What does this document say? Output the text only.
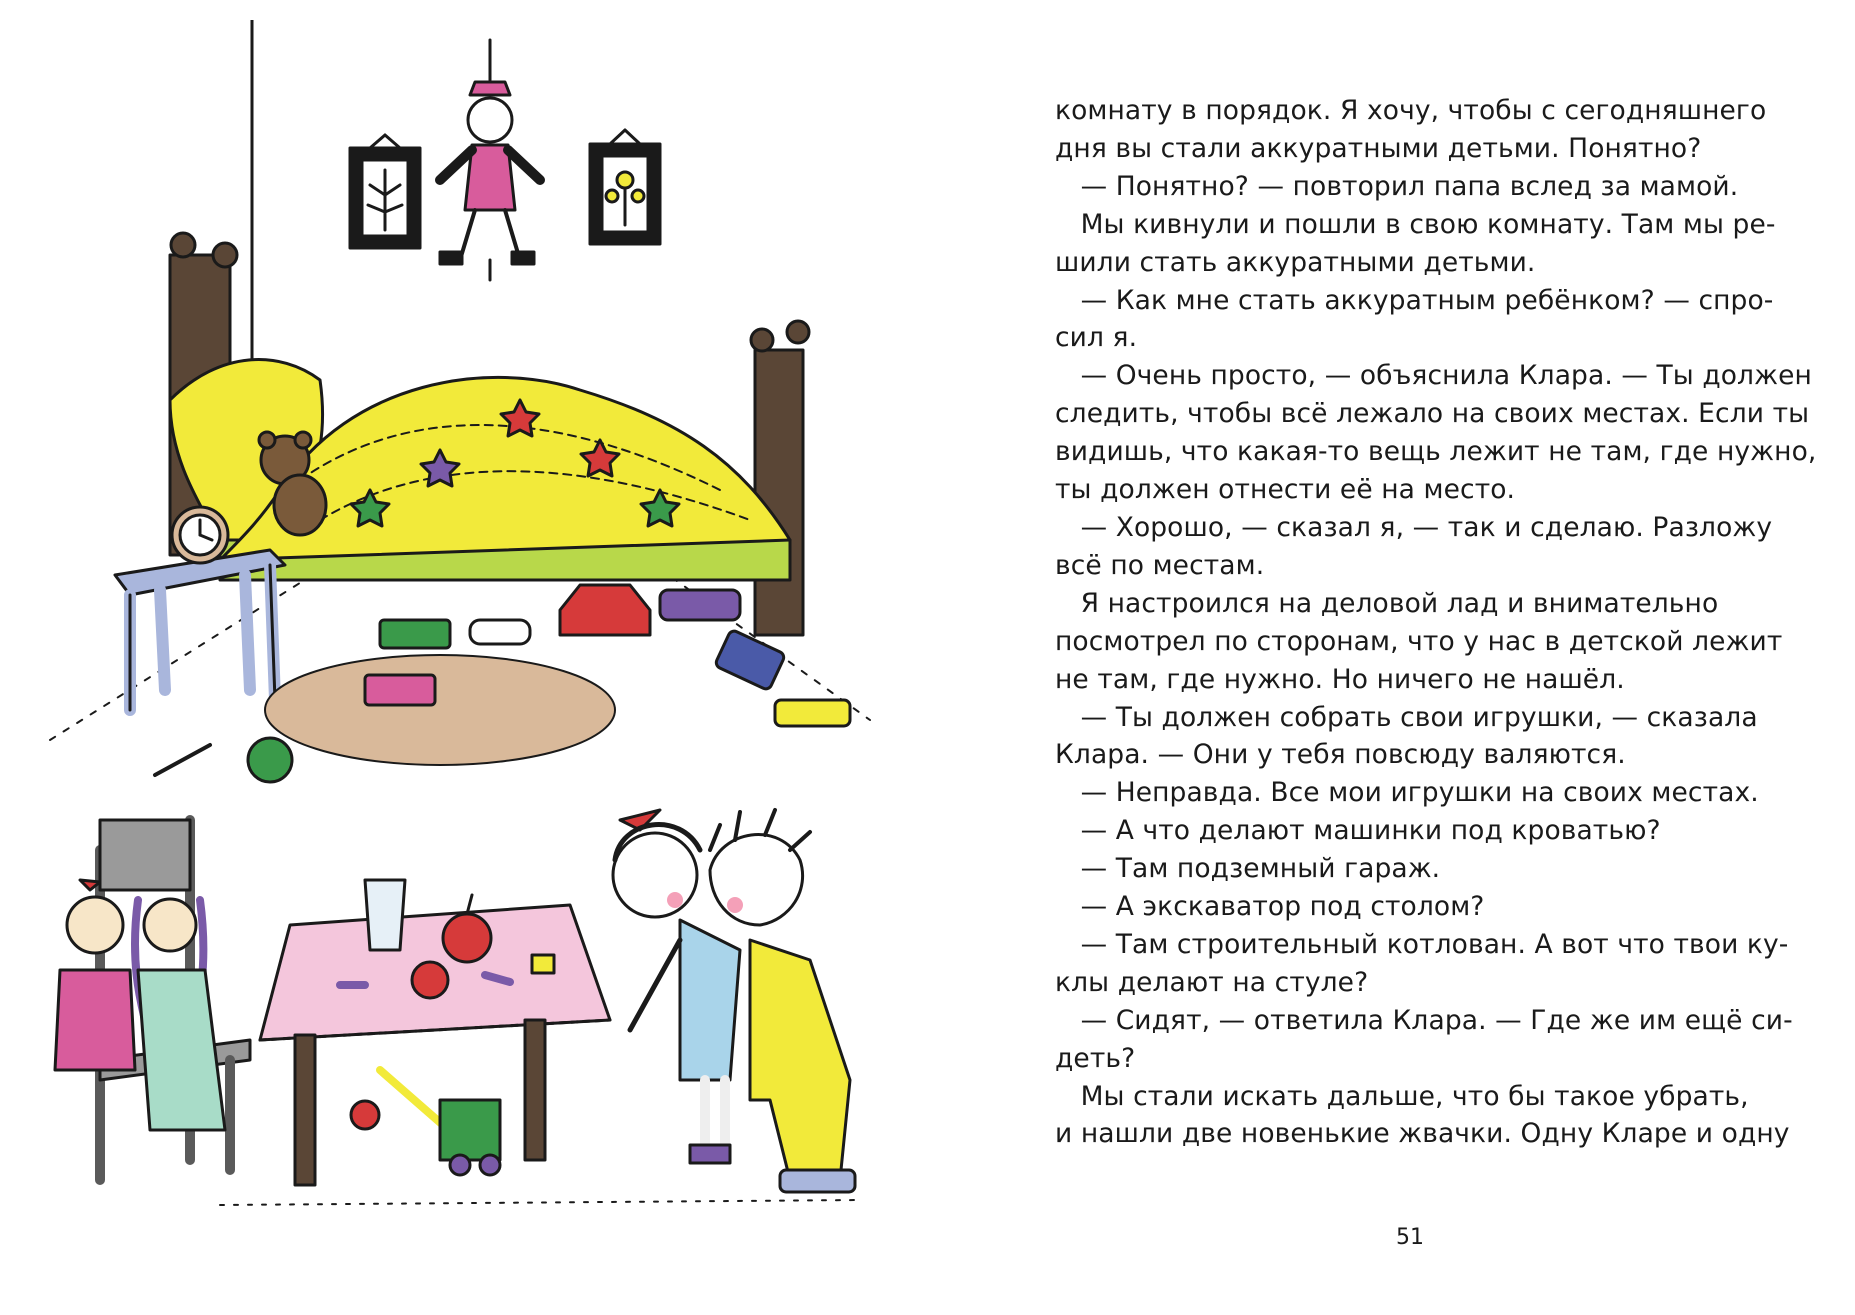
комнату в порядок. Я хочу, чтобы с сегодняшнего
дня вы стали аккуратными детьми. Понятно?
— Понятно? — повторил папа вслед за мамой.
Мы кивнули и пошли в свою комнату. Там мы ре-
шили стать аккуратными детьми.
— Как мне стать аккуратным ребёнком? — спро-
сил я.
— Очень просто, — объяснила Клара. — Ты должен
следить, чтобы всё лежало на своих местах. Если ты
видишь, что какая-то вещь лежит не там, где нужно,
ты должен отнести её на место.
— Хорошо, — сказал я, — так и сделаю. Разложу
всё по местам.
Я настроился на деловой лад и внимательно
посмотрел по сторонам, что у нас в детской лежит
не там, где нужно. Но ничего не нашёл.
— Ты должен собрать свои игрушки, — сказала
Клара. — Они у тебя повсюду валяются.
— Неправда. Все мои игрушки на своих местах.
— А что делают машинки под кроватью?
— Там подземный гараж.
— А экскаватор под столом?
— Там строительный котлован. А вот что твои ку-
клы делают на стуле?
— Сидят, — ответила Клара. — Где же им ещё си-
деть?
Мы стали искать дальше, что бы такое убрать,
и нашли две новенькие жвачки. Одну Кларе и одну
51
